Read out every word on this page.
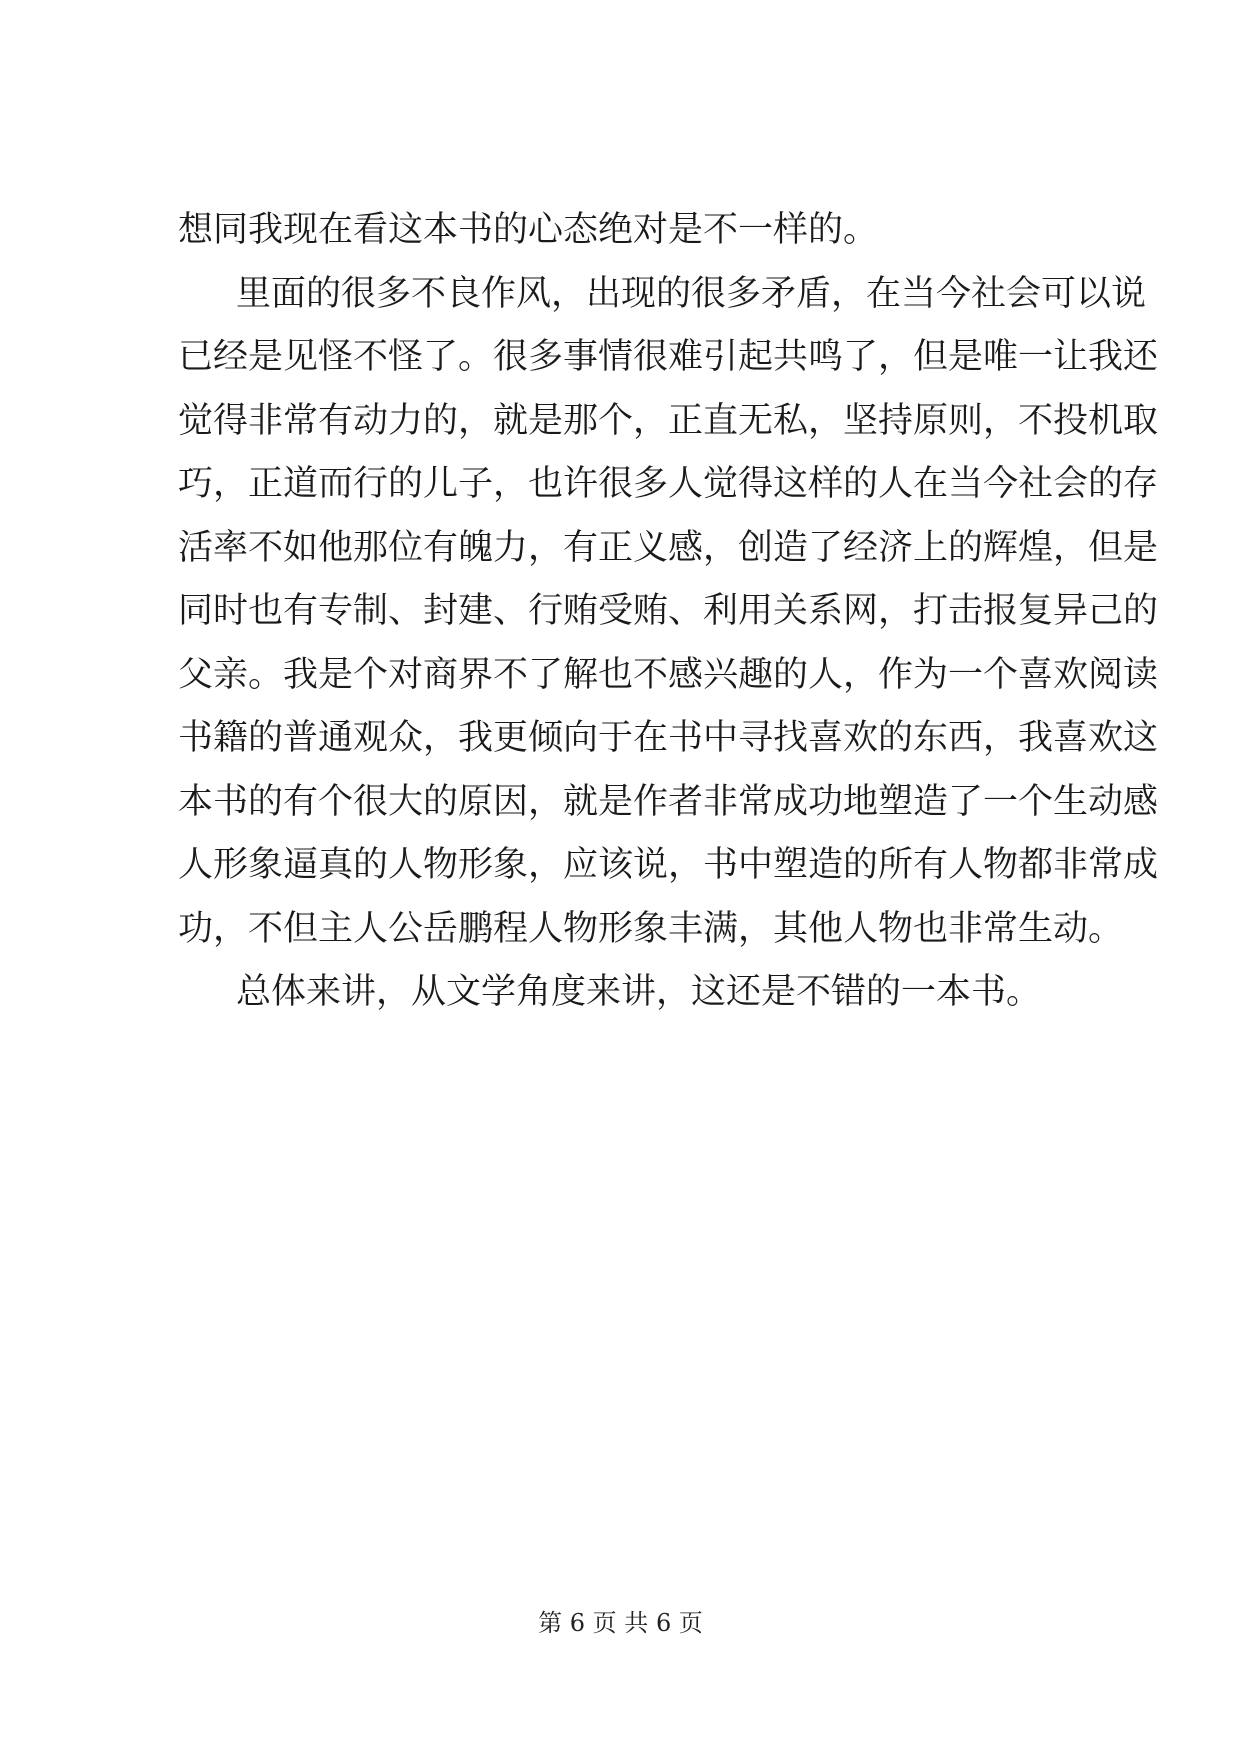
想同我现在看这本书的心态绝对是不一样的。
里面的很多不良作风，出现的很多矛盾，在当今社会可以说
已经是见怪不怪了。很多事情很难引起共鸣了，但是唯一让我还
觉得非常有动力的，就是那个，正直无私，坚持原则，不投机取
巧，正道而行的儿子，也许很多人觉得这样的人在当今社会的存
活率不如他那位有魄力，有正义感，创造了经济上的辉煌，但是
同时也有专制、封建、行贿受贿、利用关系网，打击报复异己的
父亲。我是个对商界不了解也不感兴趣的人，作为一个喜欢阅读
书籍的普通观众，我更倾向于在书中寻找喜欢的东西，我喜欢这
本书的有个很大的原因，就是作者非常成功地塑造了一个生动感
人形象逼真的人物形象，应该说，书中塑造的所有人物都非常成
功，不但主人公岳鹏程人物形象丰满，其他人物也非常生动。
总体来讲，从文学角度来讲，这还是不错的一本书。
第 6 页 共 6 页
